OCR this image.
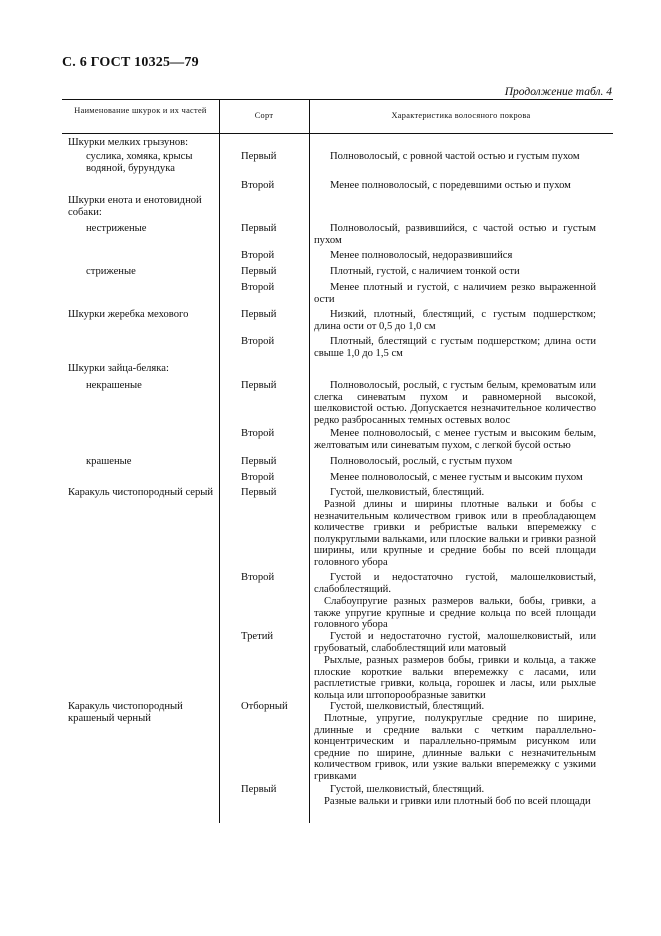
С. 6 ГОСТ 10325—79
Продолжение табл. 4
Наименование шкурок и их частей
Сорт	Характеристика волосяного покрова
Шкурки мелких грызунов:
суслика, хомяка, крысы водяной, бурундука
Шкурки енота и енотовидной собаки:
нестриженые
стриженые
Шкурки жеребка мехового
Шкурки зайца-беляка:
некрашеные
крашеные
Каракуль чистопородный серый
Каракуль чистопородный крашеный черный
Первый
Второй
Первый
Второй
Первый
Второй
Первый
Второй
Первый
Второй
Первый
Второй
Первый
Второй
Третий
Отборный
Первый
Полноволосый, с ровной частой остью и густым пухом
Менее полноволосый, с поредевшими остью и пухом
Полноволосый, развившийся, с частой остью и густым пухом
Менее полноволосый, недоразвившийся
Плотный, густой, с наличием тонкой ости
Менее плотный и густой, с наличием резко выраженной ости
Низкий, плотный, блестящий, с густым подшерстком; длина ости от 0,5 до 1,0 см
Плотный, блестящий с густым подшерстком; длина ости свыше 1,0 до 1,5 см
Полноволосый, рослый, с густым белым, кремоватым или слегка синеватым пухом и равномерной высокой, шелковистой остью. Допускается незначительное количество редко разбросанных темных остевых волос
Менее полноволосый, с менее густым и высоким белым, желтоватым или синеватым пухом, с легкой бусой остью
Полноволосый, рослый, с густым пухом
Менее полноволосый, с менее густым и высоким пухом
Густой, шелковистый, блестящий.
Разной длины и ширины плотные вальки и бобы с незначительным количеством гривок или в преобладающем количестве гривки и ребристые вальки вперемежку с полукруглыми вальками, или плоские вальки и гривки разной ширины, или крупные и средние бобы по всей площади головного убора
Густой и недостаточно густой, малошелковистый, слабоблестящий.
Слабоупругие разных размеров вальки, бобы, гривки, а также упругие крупные и средние кольца по всей площади головного убора
Густой и недостаточно густой, малошелковистый, или грубоватый, слабоблестящий или матовый
Рыхлые, разных размеров бобы, гривки и кольца, а также плоские короткие вальки вперемежку с ласами, или расплетистые гривки, кольца, горошек и ласы, или рыхлые кольца или штопорообразные завитки
Густой, шелковистый, блестящий.
Плотные, упругие, полукруглые средние по ширине, длинные и средние вальки с четким параллельно-концентрическим и параллельно-прямым рисунком или средние по ширине, длинные вальки с незначительным количеством гривок, или узкие вальки вперемежку с узкими гривками
Густой, шелковистый, блестящий.
Разные вальки и гривки или плотный боб по всей площади
